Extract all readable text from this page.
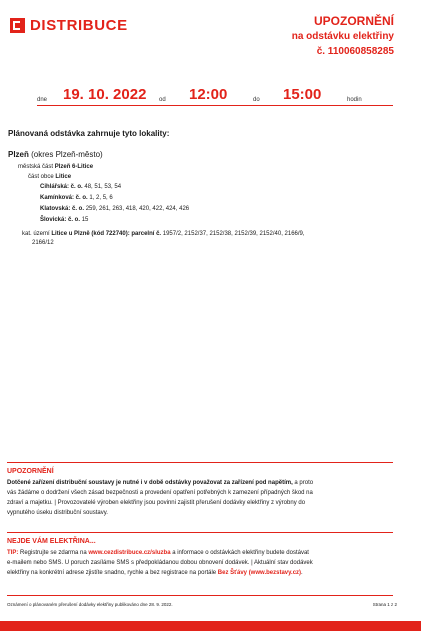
DISTRIBUCE	UPOZORNĚNÍ
na odstávku elektřiny
č. 110060858285
dne 19. 10. 2022 od 12:00	do 15:00	hodin
Plánovaná odstávka zahrnuje tyto lokality:
Plzeň (okres Plzeň-město)
městská část Plzeň 6-Litice
část obce Litice
Cihlářská: č. o. 48, 51, 53, 54
Kamínková: č. o. 1, 2, 5, 6
Klatovská: č. o. 259, 261, 263, 418, 420, 422, 424, 426
Šlovická: č. o. 15
kat. území Litice u Plzně (kód 722740): parcelní č. 1957/2, 2152/37, 2152/38, 2152/39, 2152/40, 2166/9,
2166/12
UPOZORNĚNÍ
Dotčené zařízení distribuční soustavy je nutné i v době odstávky považovat za zařízení pod napětím, a proto
vás žádáme o dodržení všech zásad bezpečnosti a provedení opatření potřebných k zamezení případných škod na
zdraví a majetku. | Provozovatelé výroben elektřiny jsou povinni zajistit přerušení dodávky elektřiny z výrobny do
vypnutého úseku distribuční soustavy.
NEJDE VÁM ELEKTŘINA...
TIP: Registrujte se zdarma na www.cezdistribuce.cz/sluzba a informace o odstávkách elektřiny budete dostávat
e-mailem nebo SMS. U poruch zasíláme SMS s předpokládanou dobou obnovení dodávek. | Aktuální stav dodávek
elektřiny na konkrétní adrese zjistíte snadno, rychle a bez registrace na portále Bez Šťávy (www.bezstavy.cz).
Oznámení o plánovaném přerušení dodávky elektřiny publikováno dne 28. 9. 2022.	Strana 1 z 2
